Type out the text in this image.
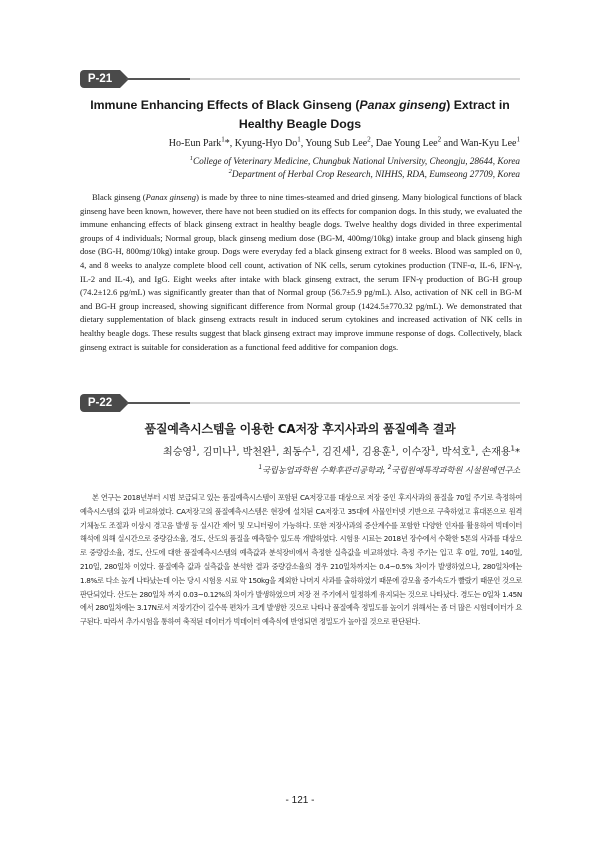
P-21
Immune Enhancing Effects of Black Ginseng (Panax ginseng) Extract in
Healthy Beagle Dogs
Ho-Eun Park$^1$*, Kyung-Hyo Do$^1$, Young Sub Lee$^2$, Dae Young Lee$^2$ and Wan-Kyu Lee$^1$
$^1$College of Veterinary Medicine, Chungbuk National University, Cheongju, 28644, Korea
$^2$Department of Herbal Crop Research, NIHHS, RDA, Eumseong 27709, Korea

Black ginseng (Panax ginseng) is made by three to nine times-steamed and dried ginseng. Many biological functions of black ginseng have been known, however, there have not been studied on its effects for companion dogs. In this study, we evaluated the immune enhancing effects of black ginseng extract in healthy beagle dogs. Twelve healthy dogs divided in three experimental groups of 4 individuals; Normal group, black ginseng medium dose (BG-M, 400mg/10kg) intake group and black ginseng high dose (BG-H, 800mg/10kg) intake group. Dogs were everyday fed a black ginseng extract for 8 weeks. Blood was sampled on 0, 4, and 8 weeks to analyze complete blood cell count, activation of NK cells, serum cytokines production (TNF-α, IL-6, IFN-γ, IL-2 and IL-4), and IgG. Eight weeks after intake with black ginseng extract, the serum IFN-γ production of BG-H group (74.2±12.6 pg/mL) was significantly greater than that of Normal group (56.7±5.9 pg/mL). Also, activation of NK cell in BG-M and BG-H group increased, showing significant difference from Normal group (1424.5±770.32 pg/mL). We demonstrated that dietary supplementation of black ginseng extracts result in induced serum cytokines and increased activation of NK cells in healthy beagle dogs. These results suggest that black ginseng extract may improve immune response of dogs. Collectively, black ginseng extract is suitable for consideration as a functional feed additive for companion dogs.

P-22
품질예측시스템을 이용한 CA저장 후지사과의 품질예측 결과
최승영$^1$, 김미나$^1$, 박천완$^1$, 최동수$^1$, 김진세$^1$, 김용훈$^1$, 이수장$^1$, 박석호$^1$, 손재용$^1$*
$^1$국립농업과학원 수확후관리공학과, $^2$국립원예특작과학원 시설원예연구소

본 연구는 2018년부터 시범 보급되고 있는 품질예측시스템이 포함된 CA저장고를 대상으로 저장 중인 후지사과의 품질을 70일 주기로 측정하여 예측시스템의 값과 비교하였다. CA저장고의 품질예측시스템은 현장에 설치된 CA저장고 35대에 사물인터넷 기반으로 구축하였고 휴대폰으로 원격 기체농도 조절과 이상시 경고음 발생 등 실시간 제어 및 모니터링이 가능하다. 또한 저장사과의 증산계수를 포함한 다양한 인자를 활용하여 빅데이터 해석에 의해 실시간으로 중량감소율, 경도, 산도의 품질을 예측할수 있도록 개발하였다. 시험용 시료는 2018년 장수에서 수확한 5톤의 사과를 대상으로 중량감소율, 경도, 산도에 대한 품질예측시스템의 예측값과 분석장비에서 측정한 실측값을 비교하였다. 측정 주기는 입고 후 0일, 70일, 140일, 210일, 280일차 이었다. 품질예측 값과 실측값을 분석한 결과 중량감소율의 경우 210일차까지는 0.4~0.5% 차이가 발생하였으나, 280일차에는 1.8%로 다소 높게 나타났는데 이는 당시 시험용 시료 약 150kg을 제외한 나머지 사과를 출하하였기 때문에 감모율 증가속도가 빨랐기 때문인 것으로 판단되었다. 산도는 280일차 까지 0.03~0.12%의 차이가 발생하였으며 저장 전 주기에서 일정하게 유지되는 것으로 나타났다. 경도는 0일차 1.45N에서 280일차에는 3.17N로서 저장기간이 길수록 편차가 크게 발생한 것으로 나타나 품질예측 정밀도를 높이기 위해서는 좀 더 많은 시험데이터가 요구된다. 따라서 추가시험을 통하여 축적된 데이터가 빅데이터 예측식에 반영되면 정밀도가 높아질 것으로 판단된다.

- 121 -
